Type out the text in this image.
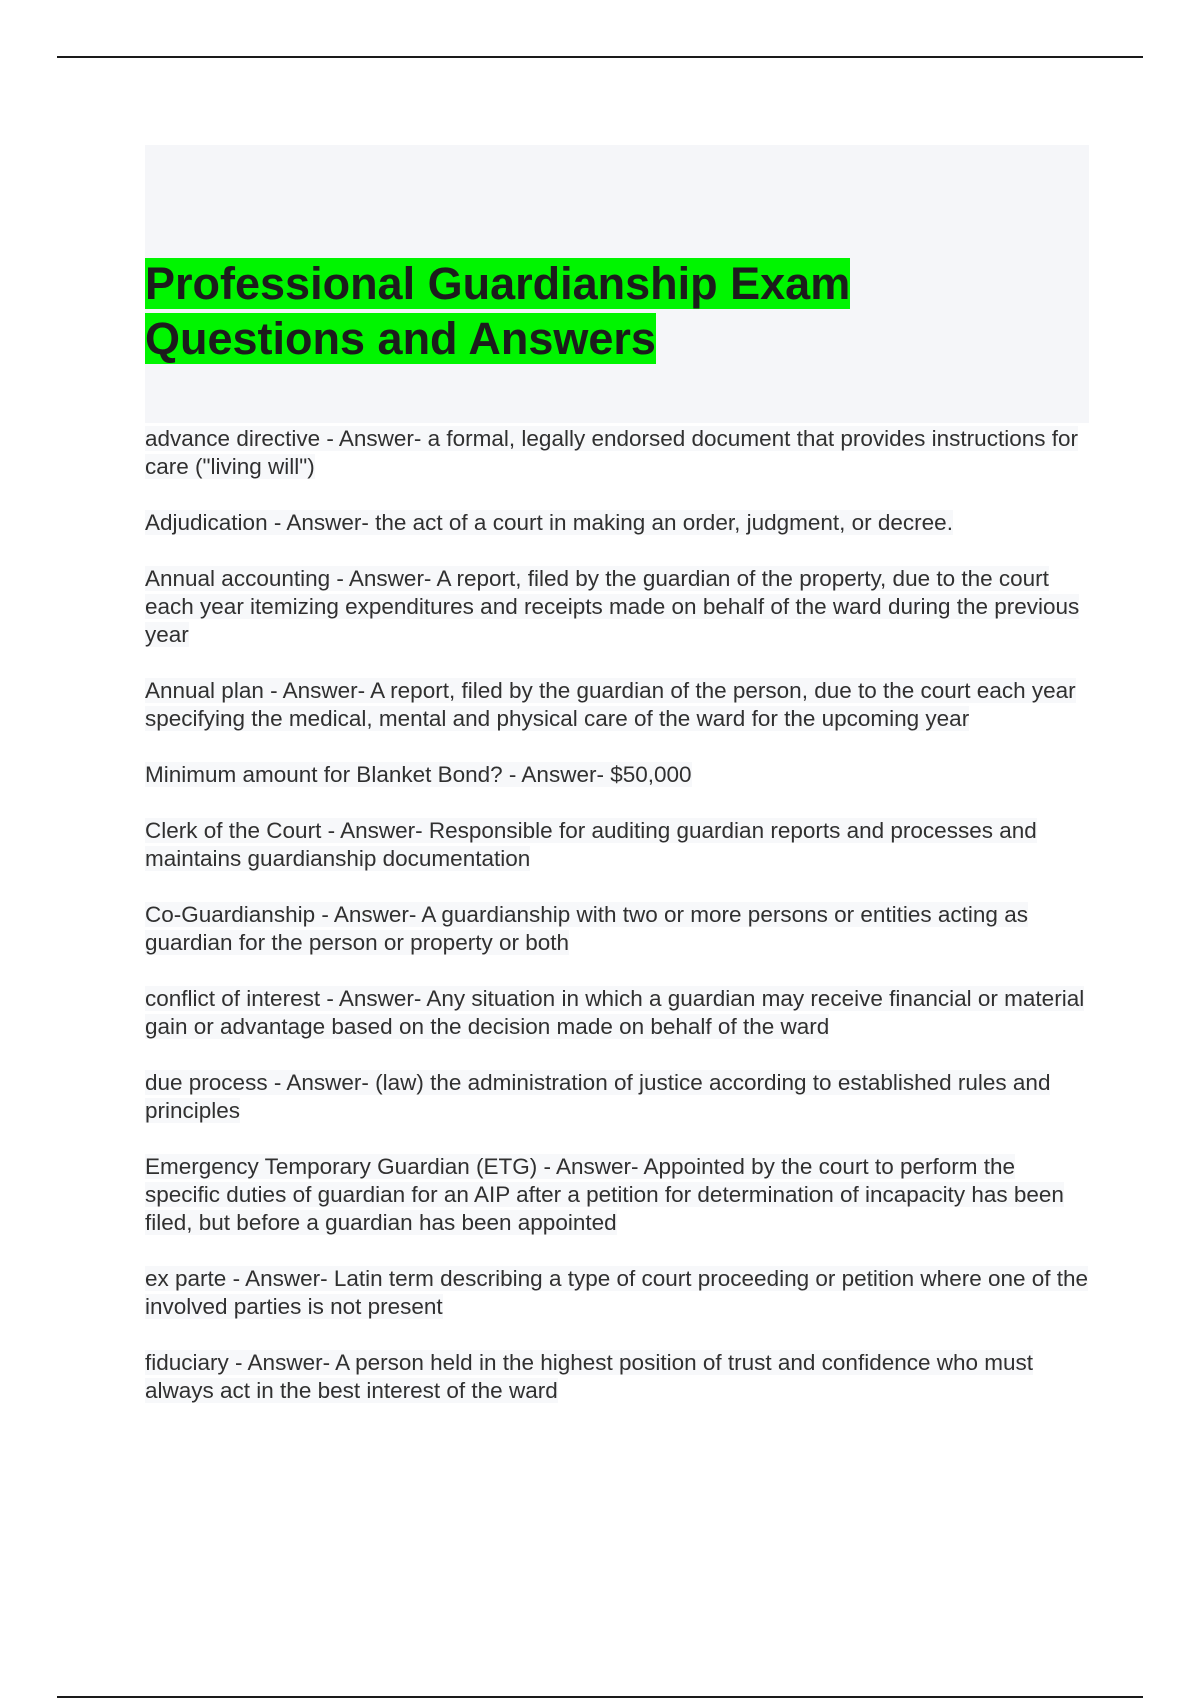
Professional Guardianship Exam
Questions and Answers

advance directive - Answer- a formal, legally endorsed document that provides instructions for care ("living will")

Adjudication - Answer- the act of a court in making an order, judgment, or decree.

Annual accounting - Answer- A report, filed by the guardian of the property, due to the court each year itemizing expenditures and receipts made on behalf of the ward during the previous year

Annual plan - Answer- A report, filed by the guardian of the person, due to the court each year specifying the medical, mental and physical care of the ward for the upcoming year

Minimum amount for Blanket Bond? - Answer- $50,000

Clerk of the Court - Answer- Responsible for auditing guardian reports and processes and maintains guardianship documentation

Co-Guardianship - Answer- A guardianship with two or more persons or entities acting as guardian for the person or property or both

conflict of interest - Answer- Any situation in which a guardian may receive financial or material gain or advantage based on the decision made on behalf of the ward

due process - Answer- (law) the administration of justice according to established rules and principles

Emergency Temporary Guardian (ETG) - Answer- Appointed by the court to perform the specific duties of guardian for an AIP after a petition for determination of incapacity has been filed, but before a guardian has been appointed

ex parte - Answer- Latin term describing a type of court proceeding or petition where one of the involved parties is not present

fiduciary - Answer- A person held in the highest position of trust and confidence who must always act in the best interest of the ward
